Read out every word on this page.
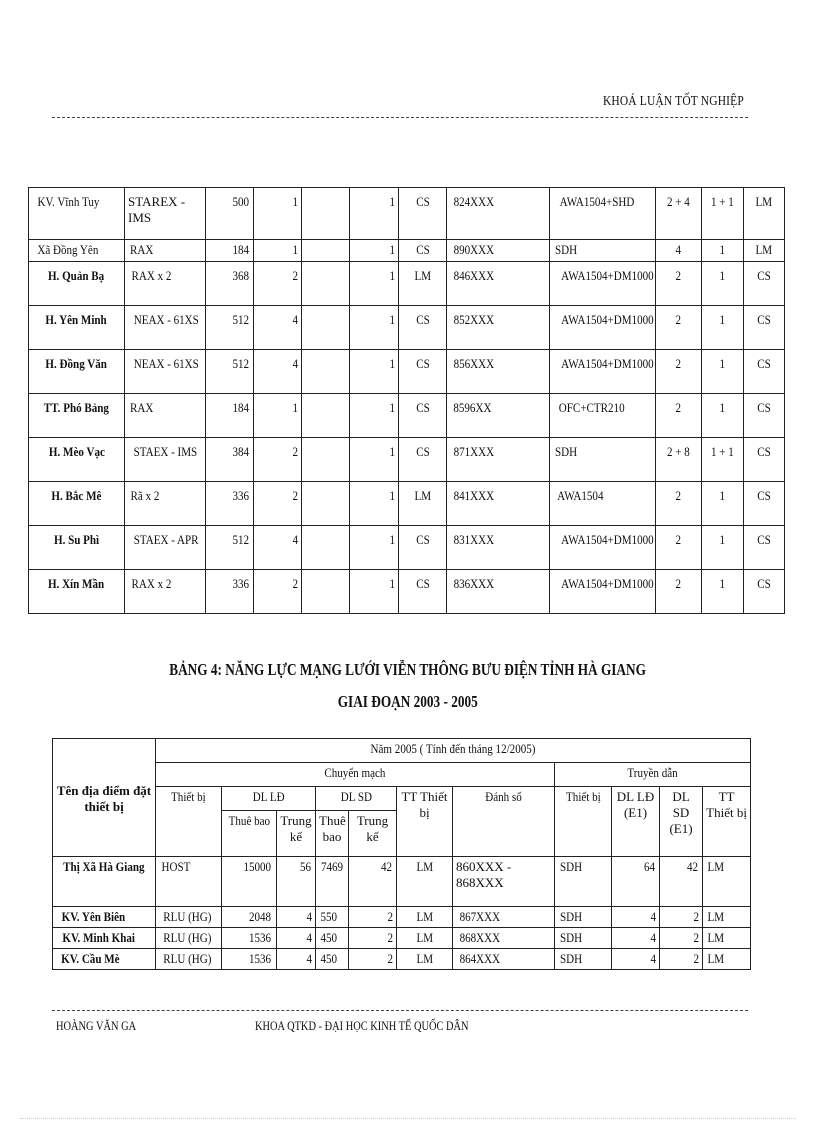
KHOÁ LUẬN TỐT NGHIỆP
KV. Vĩnh Tuy	STAREX - IMS	500	1		1	CS	824XXX	AWA1504+SHD	2 + 4	1 + 1	LM
Xã Đồng Yên	RAX	184	1		1	CS	890XXX	SDH	4	1	LM
H. Quản Bạ	RAX x 2	368	2		1	LM	846XXX	AWA1504+DM1000	2	1	CS
H. Yên Minh	NEAX - 61XS	512	4		1	CS	852XXX	AWA1504+DM1000	2	1	CS
H. Đồng Văn	NEAX - 61XS	512	4		1	CS	856XXX	AWA1504+DM1000	2	1	CS
TT. Phó Bảng	RAX	184	1		1	CS	8596XX	OFC+CTR210	2	1	CS
H. Mèo Vạc	STAEX - IMS	384	2		1	CS	871XXX	SDH	2 + 8	1 + 1	CS
H. Bắc Mê	Rã x 2	336	2		1	LM	841XXX	AWA1504	2	1	CS
H. Su Phì	STAEX - APR	512	4		1	CS	831XXX	AWA1504+DM1000	2	1	CS
H. Xín Mần	RAX x 2	336	2		1	CS	836XXX	AWA1504+DM1000	2	1	CS
BẢNG 4: NĂNG LỰC MẠNG LƯỚI VIỄN THÔNG BƯU ĐIỆN TỈNH HÀ GIANG
GIAI ĐOẠN 2003 - 2005
Tên địa điểm đặt thiết bị	Năm 2005 ( Tính đến tháng 12/2005)										
	Chuyển mạch							Truyền dẫn			
	Thiết bị	DL LĐ		DL SD		TT Thiết bị	Đánh số	Thiết bị	DL LĐ (E1)	DL SD (E1)	TT Thiết bị
		Thuê bao	Trung kế	Thuê bao	Trung kế						
Thị Xã Hà Giang	HOST	15000	56	7469	42	LM	860XXX - 868XXX	SDH	64	42	LM
KV. Yên Biên	RLU (HG)	2048	4	550	2	LM	867XXX	SDH	4	2	LM
KV. Minh Khai	RLU (HG)	1536	4	450	2	LM	868XXX	SDH	4	2	LM
KV. Cầu Mè	RLU (HG)	1536	4	450	2	LM	864XXX	SDH	4	2	LM
HOÀNG VĂN GA	KHOA QTKD - ĐẠI HỌC KINH TẾ QUỐC DÂN
